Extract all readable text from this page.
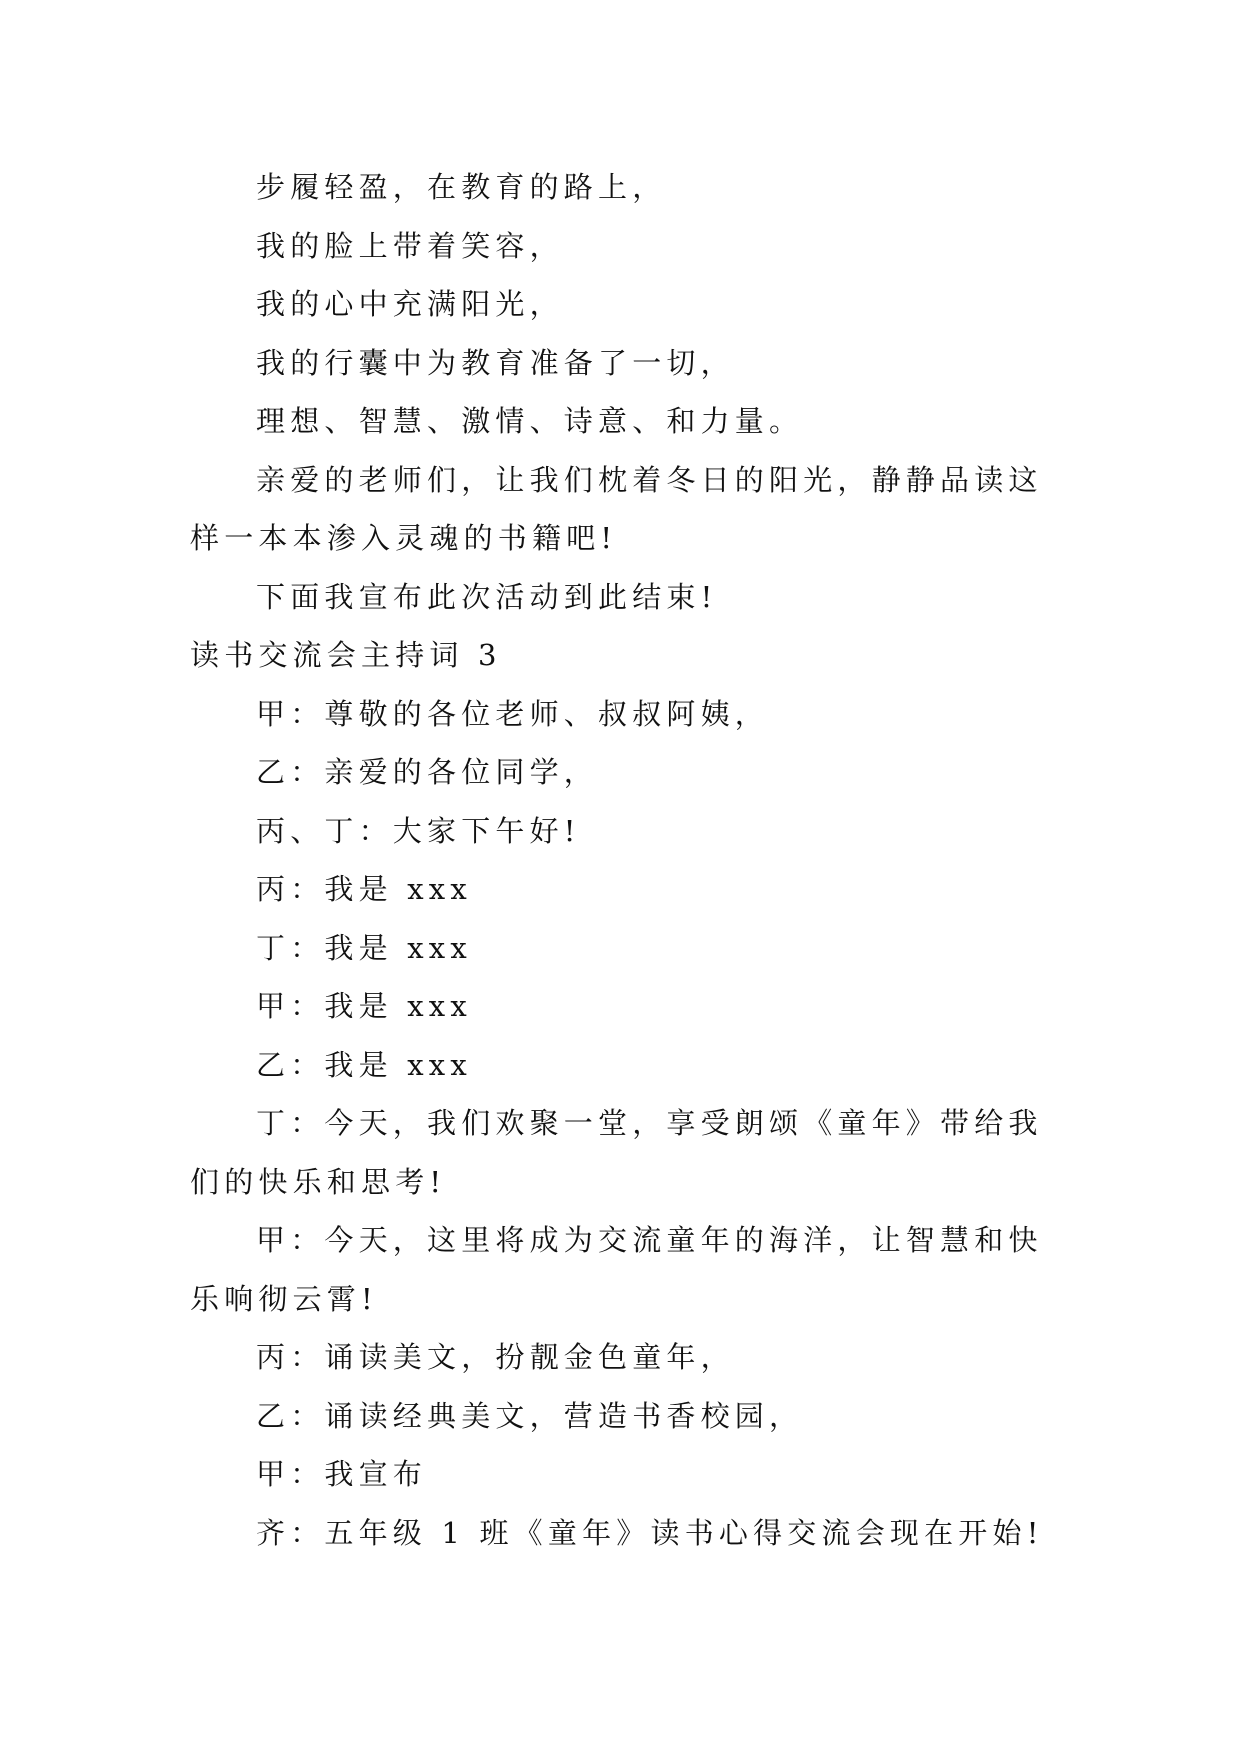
步履轻盈，在教育的路上，

我的脸上带着笑容，

我的心中充满阳光，

我的行囊中为教育准备了一切，

理想、智慧、激情、诗意、和力量。

亲爱的老师们，让我们枕着冬日的阳光，静静品读这样一本本渗入灵魂的书籍吧!

下面我宣布此次活动到此结束!

读书交流会主持词 3

甲：尊敬的各位老师、叔叔阿姨，

乙：亲爱的各位同学，

丙、丁：大家下午好!

丙：我是 xxx

丁：我是 xxx

甲：我是 xxx

乙：我是 xxx

丁：今天，我们欢聚一堂，享受朗颂《童年》带给我们的快乐和思考!

甲：今天，这里将成为交流童年的海洋，让智慧和快乐响彻云霄!

丙：诵读美文，扮靓金色童年，

乙：诵读经典美文，营造书香校园，

甲：我宣布

齐：五年级 1 班《童年》读书心得交流会现在开始!
